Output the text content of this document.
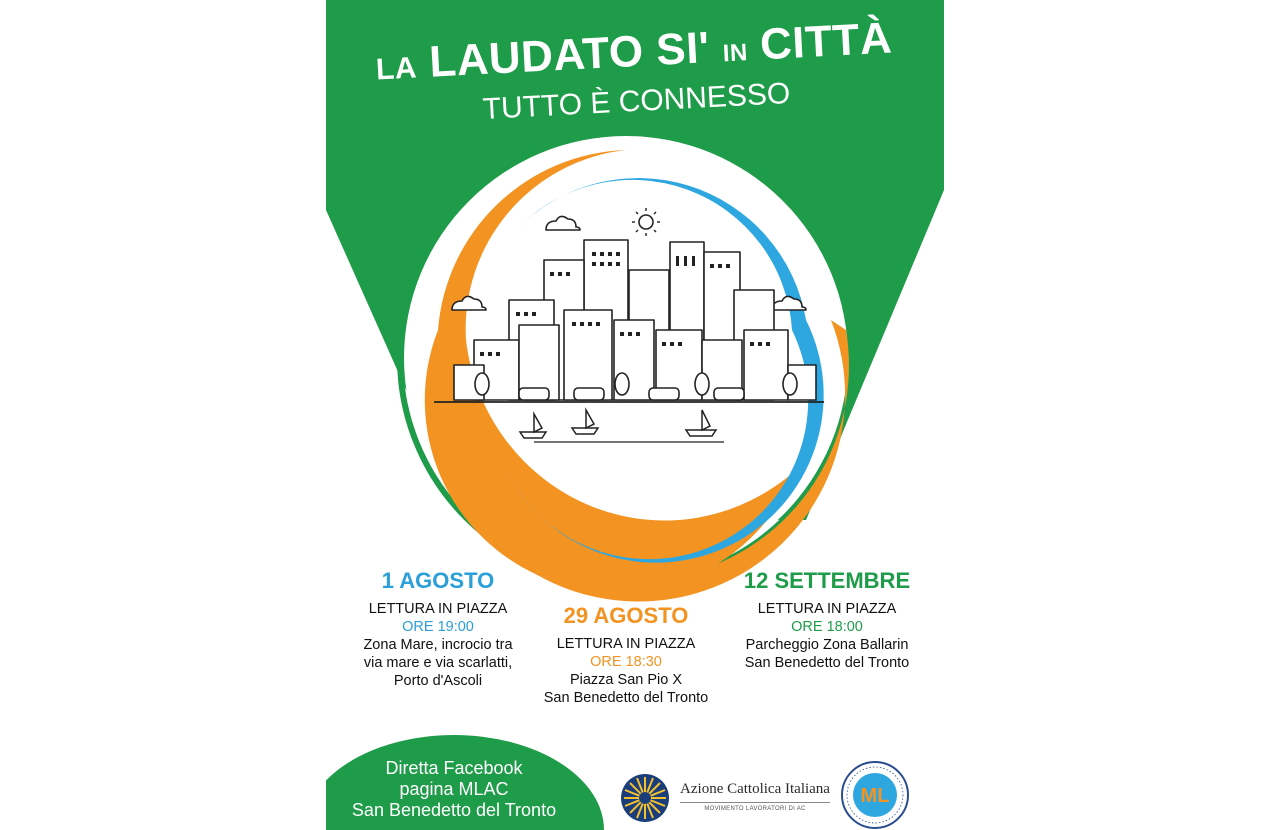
LA LAUDATO SI' IN CITTÀ
TUTTO È CONNESSO
1 AGOSTO
LETTURA IN PIAZZA
ORE 19:00
Zona Mare, incrocio tra
via mare e via scarlatti,
Porto d'Ascoli
29 AGOSTO
LETTURA IN PIAZZA
ORE 18:30
Piazza San Pio X
San Benedetto del Tronto
12 SETTEMBRE
LETTURA IN PIAZZA
ORE 18:00
Parcheggio Zona Ballarin
San Benedetto del Tronto
Diretta Facebook
pagina MLAC
San Benedetto del Tronto
Azione Cattolica Italiana
MOVIMENTO LAVORATORI DI AC
ML
